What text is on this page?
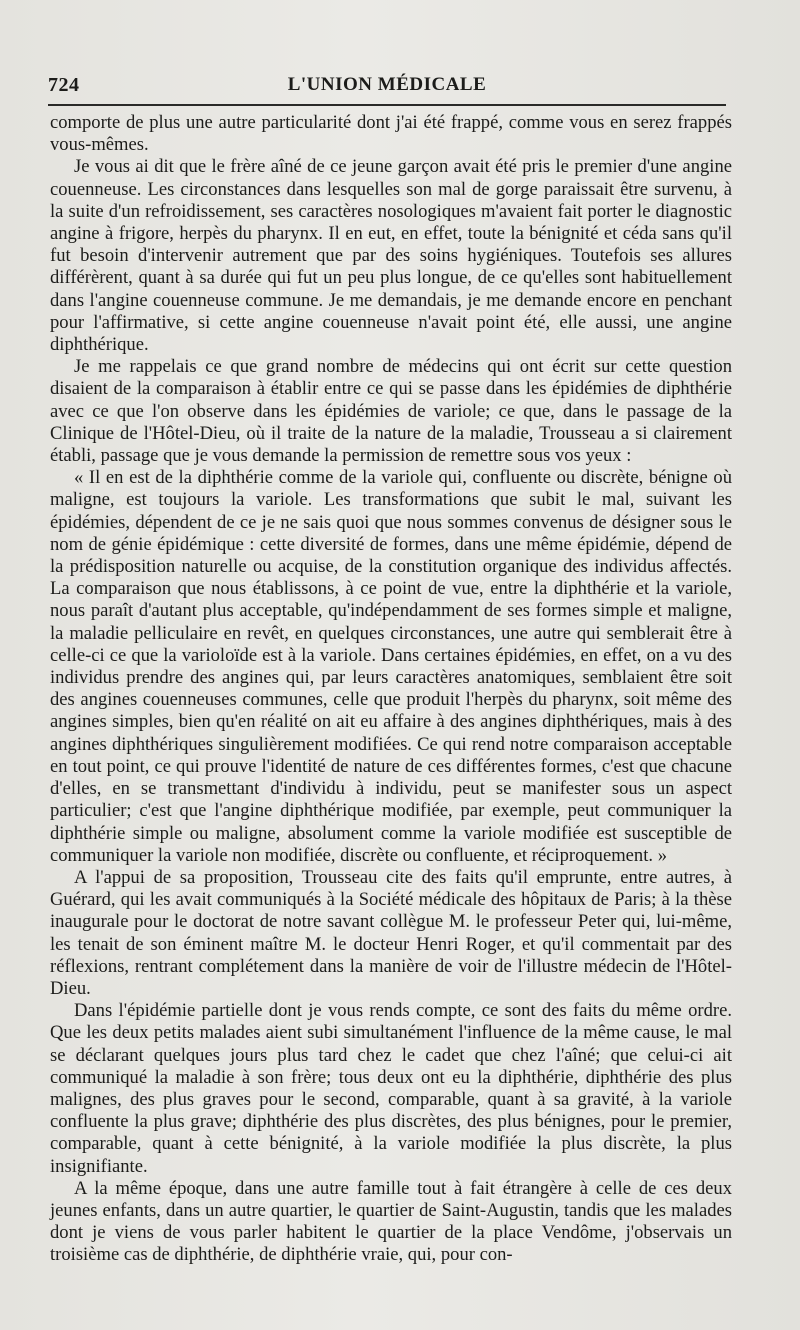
724	L'UNION MÉDICALE

comporte de plus une autre particularité dont j'ai été frappé, comme vous en serez frappés vous-mêmes.

Je vous ai dit que le frère aîné de ce jeune garçon avait été pris le premier d'une angine couenneuse. Les circonstances dans lesquelles son mal de gorge paraissait être survenu, à la suite d'un refroidissement, ses caractères nosologiques m'avaient fait porter le diagnostic angine à frigore, herpès du pharynx. Il en eut, en effet, toute la bénignité et céda sans qu'il fut besoin d'intervenir autrement que par des soins hygiéniques. Toutefois ses allures différèrent, quant à sa durée qui fut un peu plus longue, de ce qu'elles sont habituellement dans l'angine couenneuse commune. Je me demandais, je me demande encore en penchant pour l'affirmative, si cette angine couenneuse n'avait point été, elle aussi, une angine diphthérique.

Je me rappelais ce que grand nombre de médecins qui ont écrit sur cette question disaient de la comparaison à établir entre ce qui se passe dans les épidémies de diphthérie avec ce que l'on observe dans les épidémies de variole; ce que, dans le passage de la Clinique de l'Hôtel-Dieu, où il traite de la nature de la maladie, Trousseau a si clairement établi, passage que je vous demande la permission de remettre sous vos yeux :

« Il en est de la diphthérie comme de la variole qui, confluente ou discrète, bénigne où maligne, est toujours la variole. Les transformations que subit le mal, suivant les épidémies, dépendent de ce je ne sais quoi que nous sommes convenus de désigner sous le nom de génie épidémique : cette diversité de formes, dans une même épidémie, dépend de la prédisposition naturelle ou acquise, de la constitution organique des individus affectés. La comparaison que nous établissons, à ce point de vue, entre la diphthérie et la variole, nous paraît d'autant plus acceptable, qu'indépendamment de ses formes simple et maligne, la maladie pelliculaire en revêt, en quelques circonstances, une autre qui semblerait être à celle-ci ce que la varioloïde est à la variole. Dans certaines épidémies, en effet, on a vu des individus prendre des angines qui, par leurs caractères anatomiques, semblaient être soit des angines couenneuses communes, celle que produit l'herpès du pharynx, soit même des angines simples, bien qu'en réalité on ait eu affaire à des angines diphthériques, mais à des angines diphthériques singulièrement modifiées. Ce qui rend notre comparaison acceptable en tout point, ce qui prouve l'identité de nature de ces différentes formes, c'est que chacune d'elles, en se transmettant d'individu à individu, peut se manifester sous un aspect particulier; c'est que l'angine diphthérique modifiée, par exemple, peut communiquer la diphthérie simple ou maligne, absolument comme la variole modifiée est susceptible de communiquer la variole non modifiée, discrète ou confluente, et réciproquement. »

A l'appui de sa proposition, Trousseau cite des faits qu'il emprunte, entre autres, à Guérard, qui les avait communiqués à la Société médicale des hôpitaux de Paris; à la thèse inaugurale pour le doctorat de notre savant collègue M. le professeur Peter qui, lui-même, les tenait de son éminent maître M. le docteur Henri Roger, et qu'il commentait par des réflexions, rentrant complétement dans la manière de voir de l'illustre médecin de l'Hôtel-Dieu.

Dans l'épidémie partielle dont je vous rends compte, ce sont des faits du même ordre. Que les deux petits malades aient subi simultanément l'influence de la même cause, le mal se déclarant quelques jours plus tard chez le cadet que chez l'aîné; que celui-ci ait communiqué la maladie à son frère; tous deux ont eu la diphthérie, diphthérie des plus malignes, des plus graves pour le second, comparable, quant à sa gravité, à la variole confluente la plus grave; diphthérie des plus discrètes, des plus bénignes, pour le premier, comparable, quant à cette bénignité, à la variole modifiée la plus discrète, la plus insignifiante.

A la même époque, dans une autre famille tout à fait étrangère à celle de ces deux jeunes enfants, dans un autre quartier, le quartier de Saint-Augustin, tandis que les malades dont je viens de vous parler habitent le quartier de la place Vendôme, j'observais un troisième cas de diphthérie, de diphthérie vraie, qui, pour con-
